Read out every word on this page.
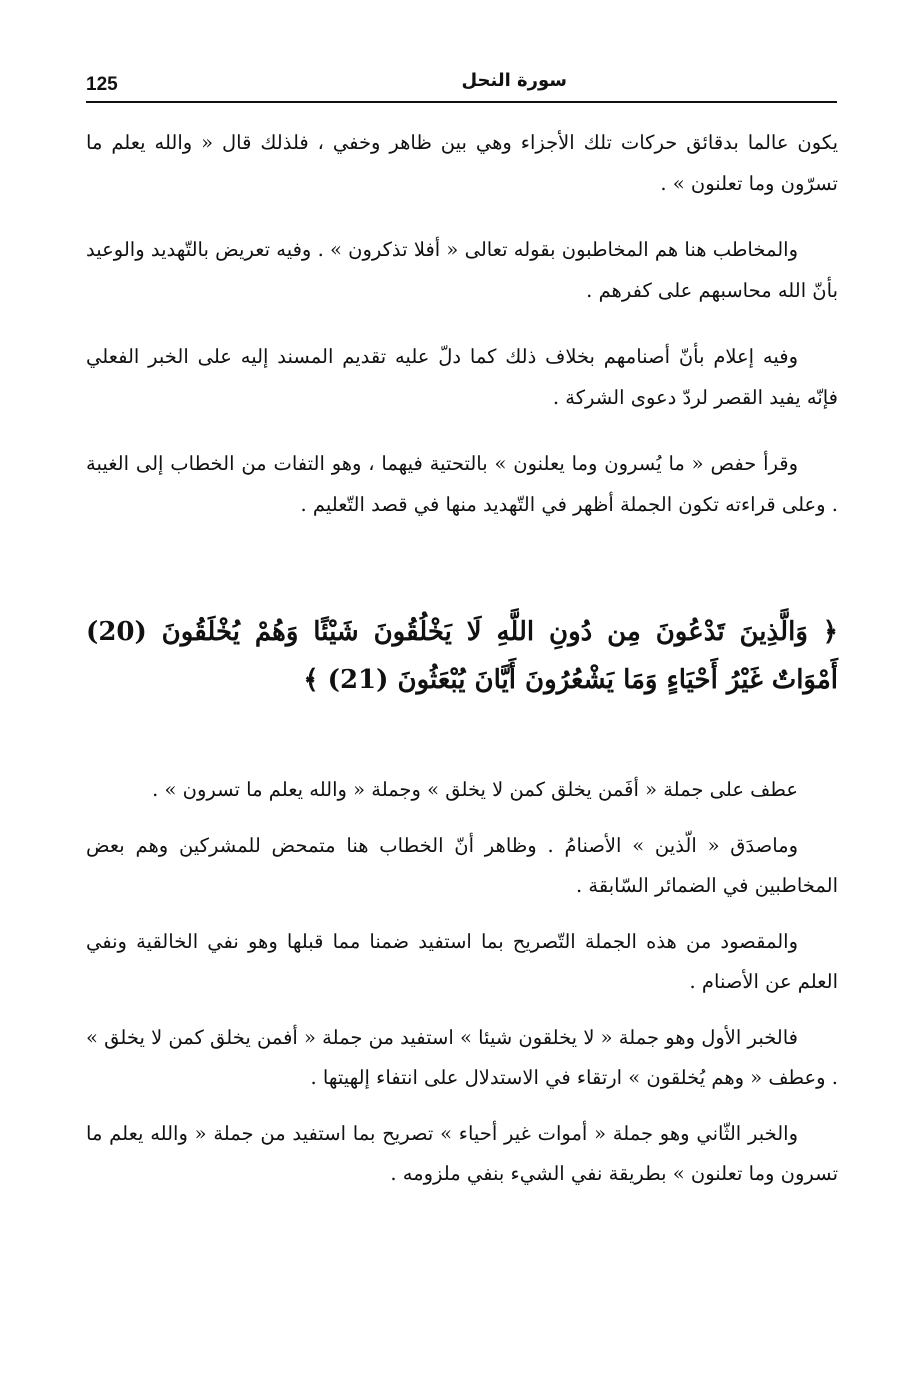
125	سورة النحل

يكون عالما بدقائق حركات تلك الأجزاء وهي بين ظاهر وخفي ، فلذلك قال « والله يعلم ما تسرّون وما تعلنون » .

والمخاطب هنا هم المخاطبون بقوله تعالى « أفلا تذكرون » . وفيه تعريض بالتّهديد والوعيد بأنّ الله محاسبهم على كفرهم .

وفيه إعلام بأنّ أصنامهم بخلاف ذلك كما دلّ عليه تقديم المسند إليه على الخبر الفعلي فإنّه يفيد القصر لردّ دعوى الشركة .

وقرأ حفص « ما يُسرون وما يعلنون » بالتحتية فيهما ، وهو التفات من الخطاب إلى الغيبة . وعلى قراءته تكون الجملة أظهر في التّهديد منها في قصد التّعليم .

﴿ وَالَّذِينَ تَدْعُونَ مِن دُونِ اللَّهِ لَا يَخْلُقُونَ شَيْئًا وَهُمْ يُخْلَقُونَ (20) أَمْوَاتٌ غَيْرُ أَحْيَاءٍ وَمَا يَشْعُرُونَ أَيَّانَ يُبْعَثُونَ (21) ﴾

عطف على جملة « أفَمن يخلق كمن لا يخلق » وجملة « والله يعلم ما تسرون » .

وماصدَق « الّذين » الأصنامُ . وظاهر أنّ الخطاب هنا متمحض للمشركين وهم بعض المخاطبين في الضمائر السّابقة .

والمقصود من هذه الجملة التّصريح بما استفيد ضمنا مما قبلها وهو نفي الخالقية ونفي العلم عن الأصنام .

فالخبر الأول وهو جملة « لا يخلقون شيئا » استفيد من جملة « أفمن يخلق كمن لا يخلق » . وعطف « وهم يُخلقون » ارتقاء في الاستدلال على انتفاء إلهيتها .

والخبر الثّاني وهو جملة « أموات غير أحياء » تصريح بما استفيد من جملة « والله يعلم ما تسرون وما تعلنون » بطريقة نفي الشيء بنفي ملزومه .
